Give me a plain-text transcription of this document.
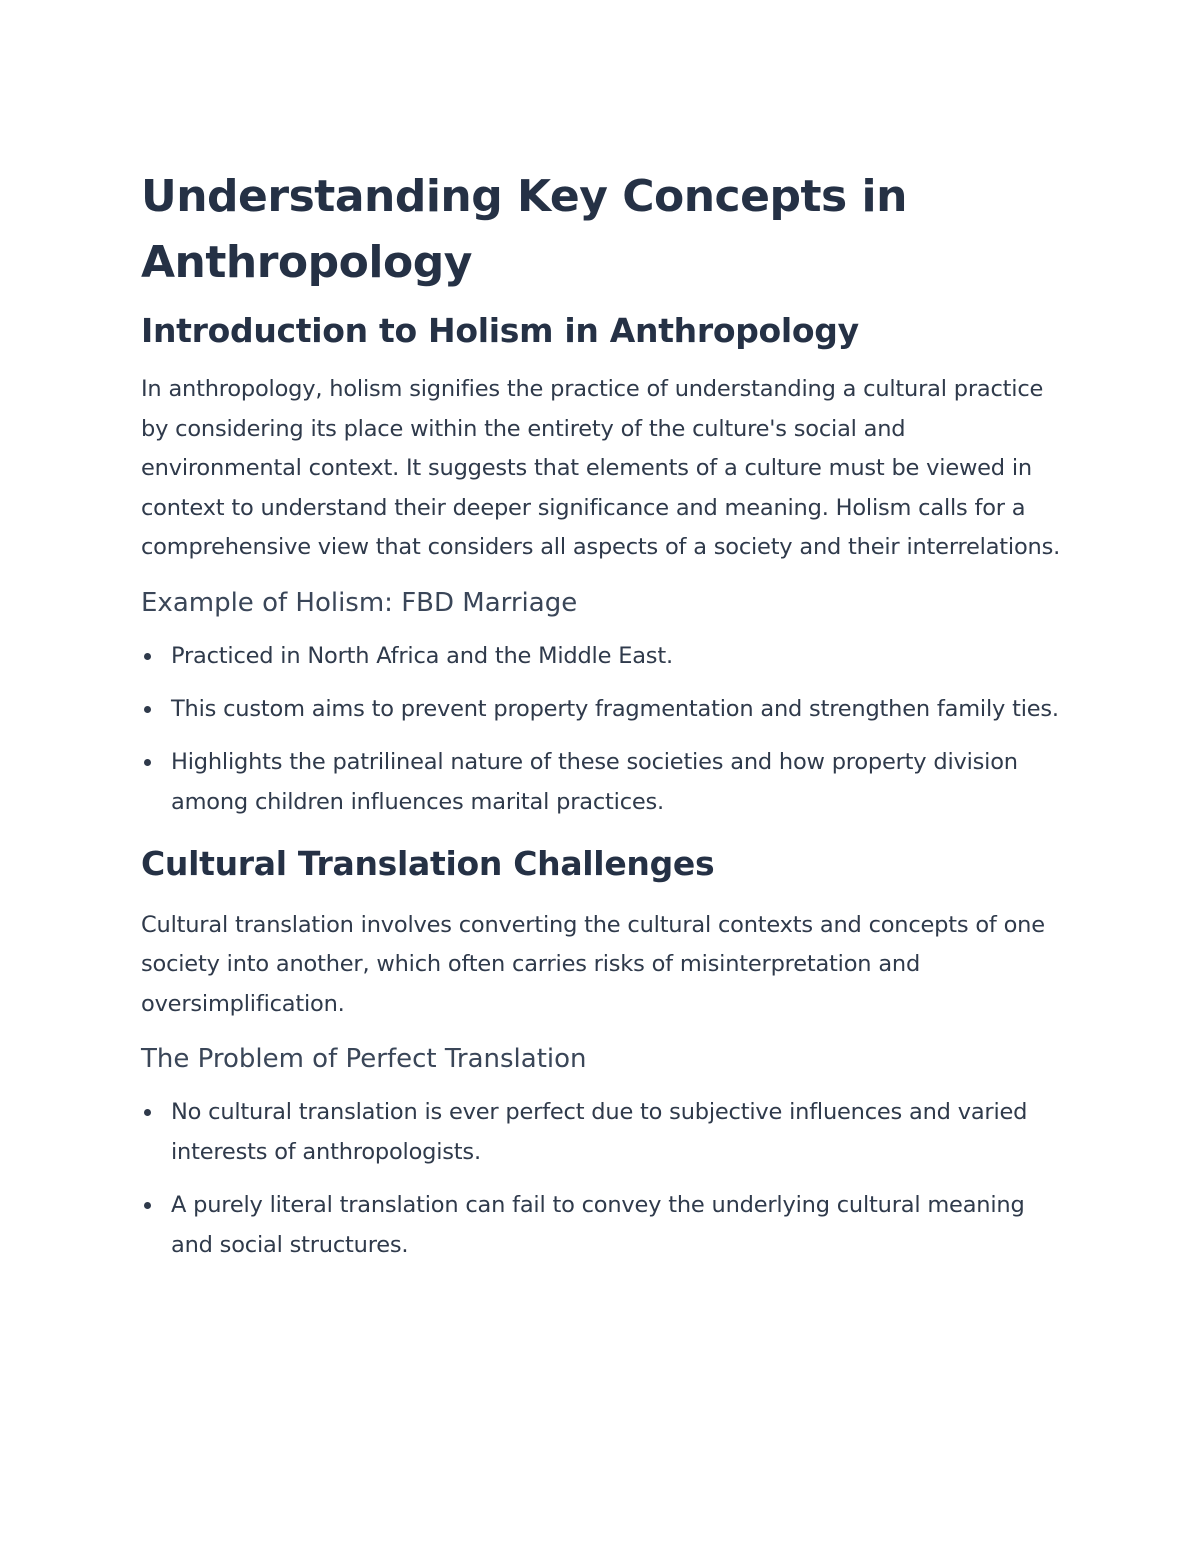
Understanding Key Concepts in Anthropology
Introduction to Holism in Anthropology

In anthropology, holism signifies the practice of understanding a cultural practice by considering its place within the entirety of the culture's social and environmental context. It suggests that elements of a culture must be viewed in context to understand their deeper significance and meaning. Holism calls for a comprehensive view that considers all aspects of a society and their interrelations.

Example of Holism: FBD Marriage
Practiced in North Africa and the Middle East.
This custom aims to prevent property fragmentation and strengthen family ties.
Highlights the patrilineal nature of these societies and how property division among children influences marital practices.
Cultural Translation Challenges

Cultural translation involves converting the cultural contexts and concepts of one society into another, which often carries risks of misinterpretation and oversimplification.

The Problem of Perfect Translation
No cultural translation is ever perfect due to subjective influences and varied interests of anthropologists.
A purely literal translation can fail to convey the underlying cultural meaning and social structures.
